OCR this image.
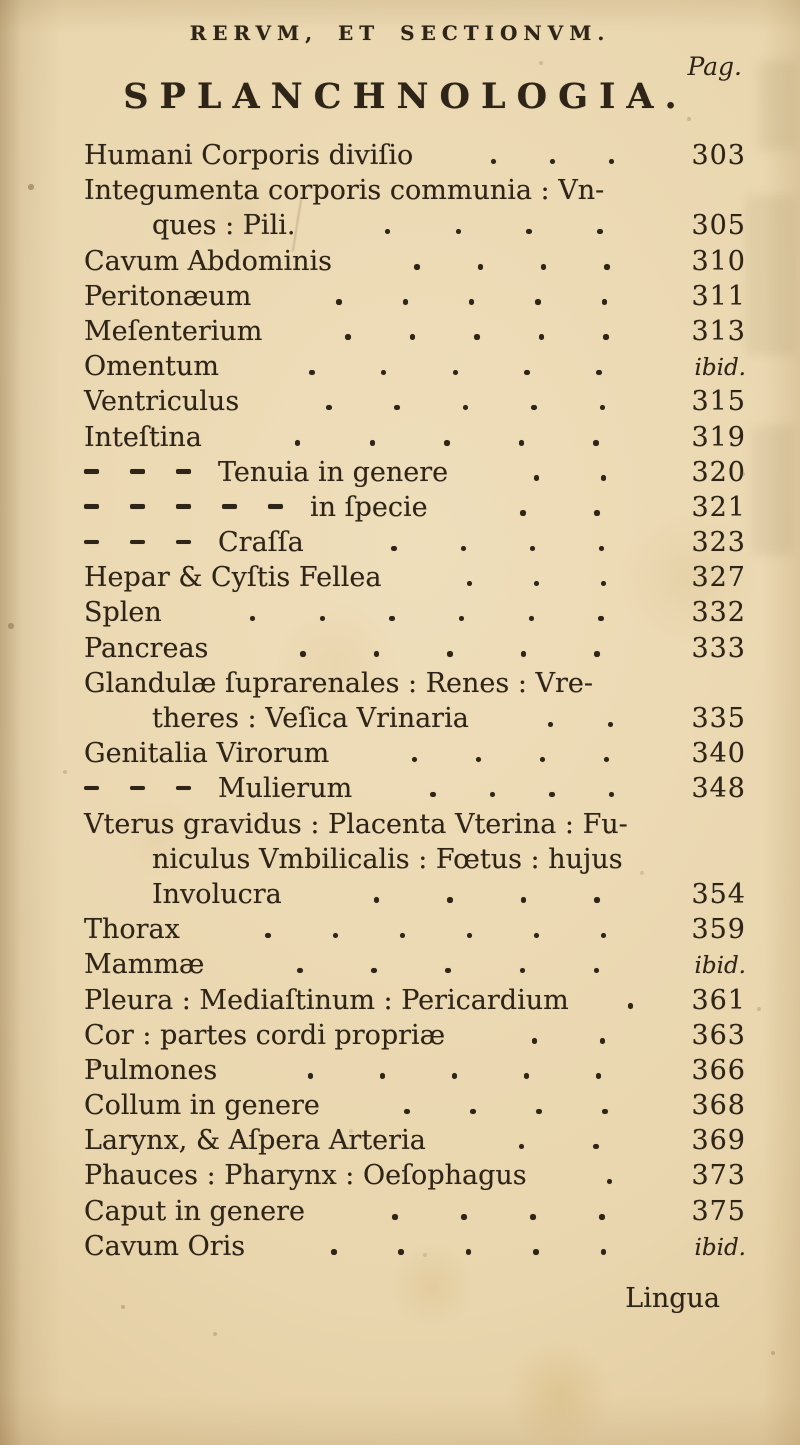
RERVM, ET SECTIONVM.
Pag.
SPLANCHNOLOGIA.
Humani Corporis diviſio	303
Integumenta corporis communia : Vn-
ques : Pili.	305
Cavum Abdominis	310
Peritonæum	311
Meſenterium	313
Omentum	ibid.
Ventriculus	315
Inteſtina	319
Tenuia in genere	320
in ſpecie	321
Craſſa	323
Hepar & Cyſtis Fellea	327
Splen	332
Pancreas	333
Glandulæ ſuprarenales : Renes : Vre-
theres : Veſica Vrinaria	335
Genitalia Virorum	340
Mulierum	348
Vterus gravidus : Placenta Vterina : Fu-
niculus Vmbilicalis : Fœtus : hujus
Involucra	354
Thorax	359
Mammæ	ibid.
Pleura : Mediaſtinum : Pericardium	361
Cor : partes cordi propriæ	363
Pulmones	366
Collum in genere	368
Larynx, & Aſpera Arteria	369
Phauces : Pharynx : Oeſophagus	373
Caput in genere	375
Cavum Oris	ibid.
Lingua
